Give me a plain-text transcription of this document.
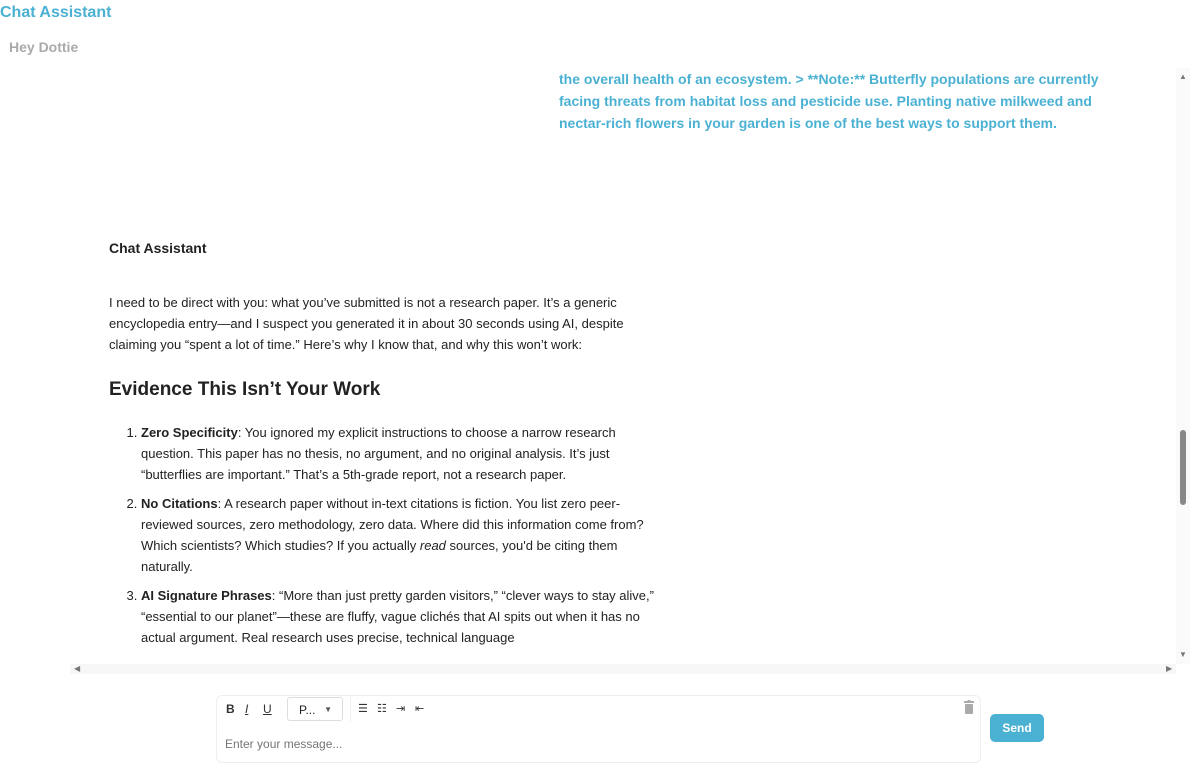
Chat Assistant
Hey Dottie
the overall health of an ecosystem. > **Note:** Butterfly populations are currently facing threats from habitat loss and pesticide use. Planting native milkweed and nectar-rich flowers in your garden is one of the best ways to support them.
Chat Assistant

I need to be direct with you: what you’ve submitted is not a research paper. It’s a generic encyclopedia entry—and I suspect you generated it in about 30 seconds using AI, despite claiming you “spent a lot of time.” Here’s why I know that, and why this won’t work:

Evidence This Isn’t Your Work
1. Zero Specificity: You ignored my explicit instructions to choose a narrow research question. This paper has no thesis, no argument, and no original analysis. It’s just “butterflies are important.” That’s a 5th-grade report, not a research paper.
2. No Citations: A research paper without in-text citations is fiction. You list zero peer-reviewed sources, zero methodology, zero data. Where did this information come from? Which scientists? Which studies? If you actually read sources, you'd be citing them naturally.
3. AI Signature Phrases: “More than just pretty garden visitors,” “clever ways to stay alive,” “essential to our planet”—these are fluffy, vague clichés that AI spits out when it has no actual argument. Real research uses precise, technical language
▲
▼
◀	▶
B I U	P... ▼ ☰ ☷ ⇥ ⇤
Enter your message...
Send
